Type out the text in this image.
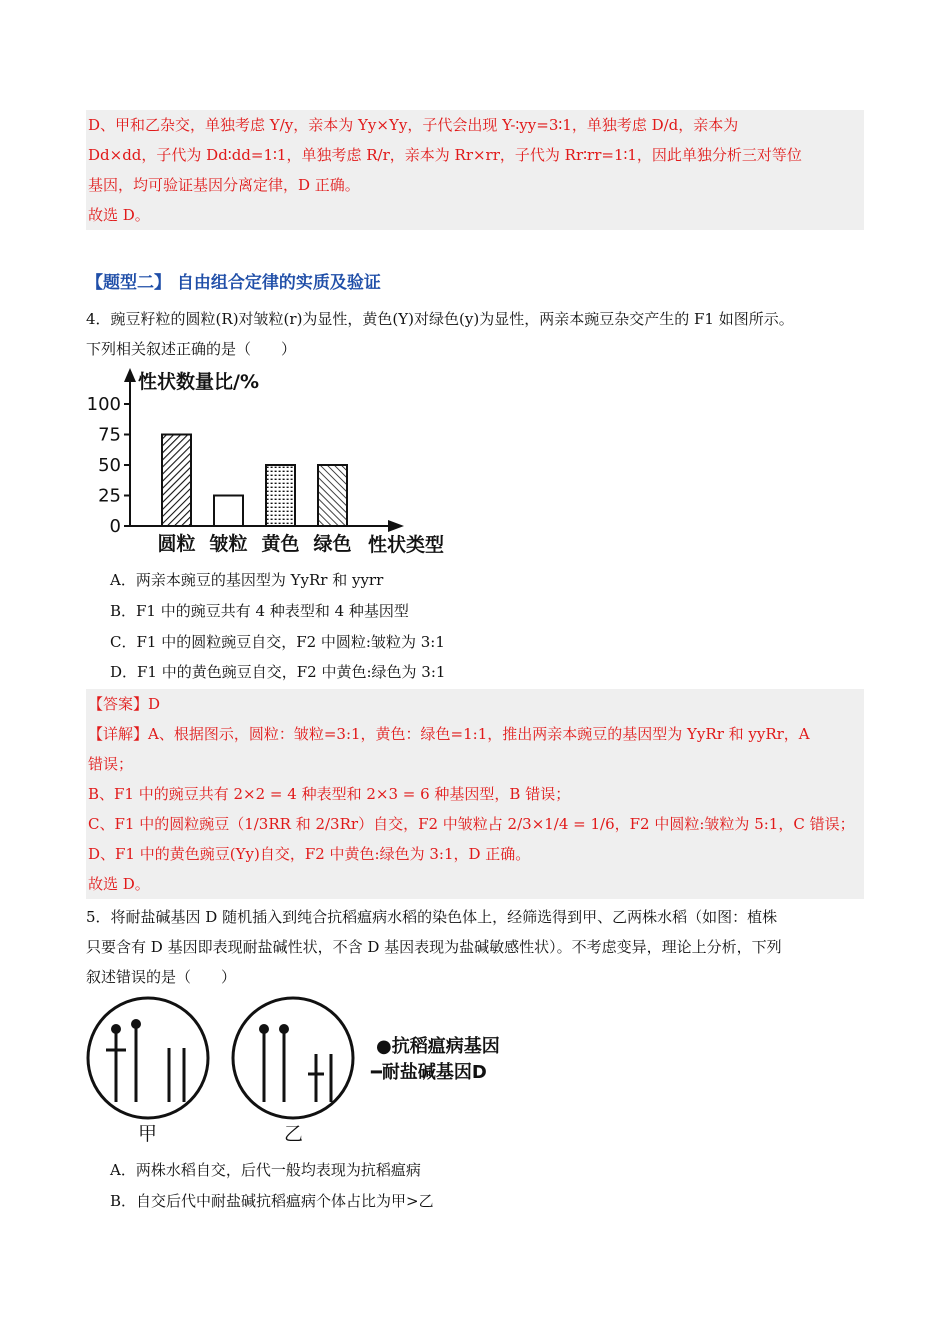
D、甲和乙杂交，单独考虑 Y/y，亲本为 Yy×Yy，子代会出现 Y-∶yy=3∶1，单独考虑 D/d，亲本为

Dd×dd，子代为 Dd∶dd=1∶1，单独考虑 R/r，亲本为 Rr×rr，子代为 Rr∶rr=1∶1，因此单独分析三对等位

基因，均可验证基因分离定律，D 正确。

故选 D。

【题型二】 自由组合定律的实质及验证
4．豌豆籽粒的圆粒(R)对皱粒(r)为显性，黄色(Y)对绿色(y)为显性，两亲本豌豆杂交产生的 F1 如图所示。
下列相关叙述正确的是（　　）
性状数量比/%
性状类型
100
75
50
25
0
圆粒 皱粒 黄色 绿色
A．两亲本豌豆的基因型为 YyRr 和 yyrr
B．F1 中的豌豆共有 4 种表型和 4 种基因型
C．F1 中的圆粒豌豆自交，F2 中圆粒:皱粒为 3:1
D．F1 中的黄色豌豆自交，F2 中黄色:绿色为 3:1

【答案】D

【详解】A、根据图示，圆粒：皱粒=3:1，黄色：绿色=1:1，推出两亲本豌豆的基因型为 YyRr 和 yyRr，A

错误；

B、F1 中的豌豆共有 2×2 = 4 种表型和 2×3 = 6 种基因型，B 错误；

C、F1 中的圆粒豌豆（1/3RR 和 2/3Rr）自交，F2 中皱粒占 2/3×1/4 = 1/6，F2 中圆粒:皱粒为 5:1，C 错误；

D、F1 中的黄色豌豆(Yy)自交，F2 中黄色:绿色为 3:1，D 正确。

故选 D。

5．将耐盐碱基因 D 随机插入到纯合抗稻瘟病水稻的染色体上，经筛选得到甲、乙两株水稻（如图：植株
只要含有 D 基因即表现耐盐碱性状，不含 D 基因表现为盐碱敏感性状）。不考虑变异，理论上分析，下列
叙述错误的是（　　）
甲	乙
●抗稻瘟病基因
━耐盐碱基因D
A．两株水稻自交，后代一般均表现为抗稻瘟病
B．自交后代中耐盐碱抗稻瘟病个体占比为甲>乙
